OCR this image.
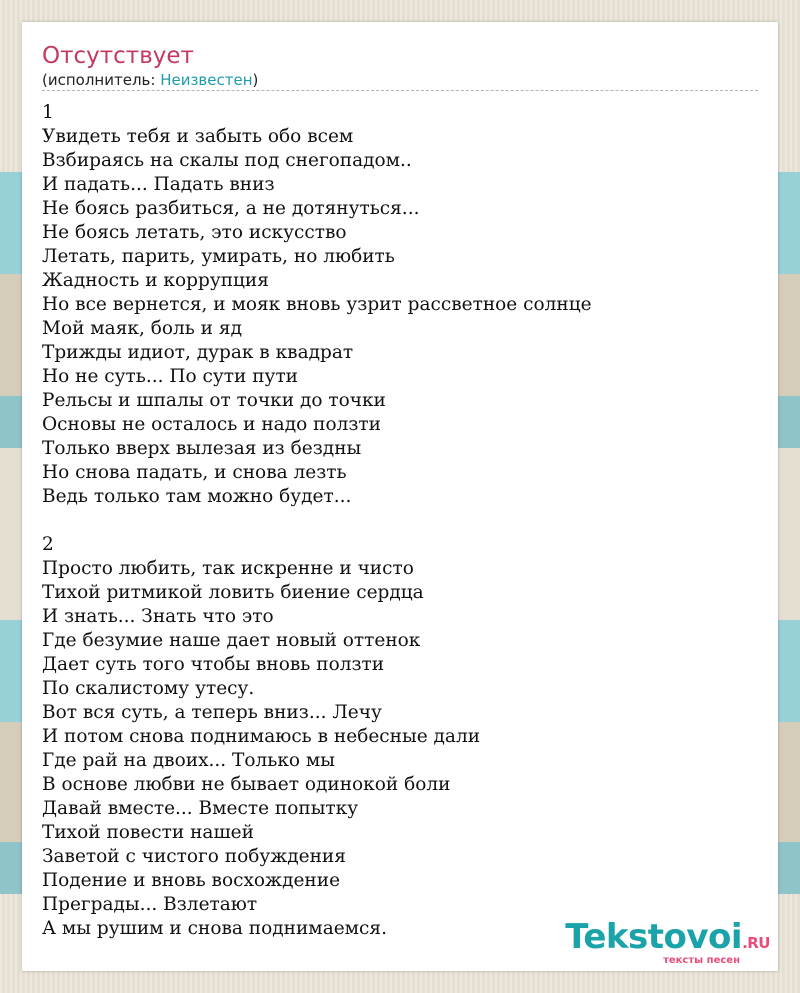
Отсутствует
(исполнитель: Неизвестен)
1
Увидеть тебя и забыть обо всем
Взбираясь на скалы под снегопадом..
И падать... Падать вниз
Не боясь разбиться, а не дотянуться...
Не боясь летать, это искусство
Летать, парить, умирать, но любить
Жадность и коррупция
Но все вернется, и мояк вновь узрит рассветное солнце
Мой маяк, боль и яд
Трижды идиот, дурак в квадрат
Но не суть... По сути пути
Рельсы и шпалы от точки до точки
Основы не осталось и надо ползти
Только вверх вылезая из бездны
Но снова падать, и снова лезть
Ведь только там можно будет...

2
Просто любить, так искренне и чисто
Тихой ритмикой ловить биение сердца
И знать... Знать что это
Где безумие наше дает новый оттенок
Дает суть того чтобы вновь ползти
По скалистому утесу.
Вот вся суть, а теперь вниз... Лечу
И потом снова поднимаюсь в небесные дали
Где рай на двоих... Только мы
В основе любви не бывает одинокой боли
Давай вместе... Вместе попытку
Тихой повести нашей
Заветой с чистого побуждения
Подение и вновь восхождение
Преграды... Взлетают
А мы рушим и снова поднимаемся.	Tekstovoi.RU
тексты песен
